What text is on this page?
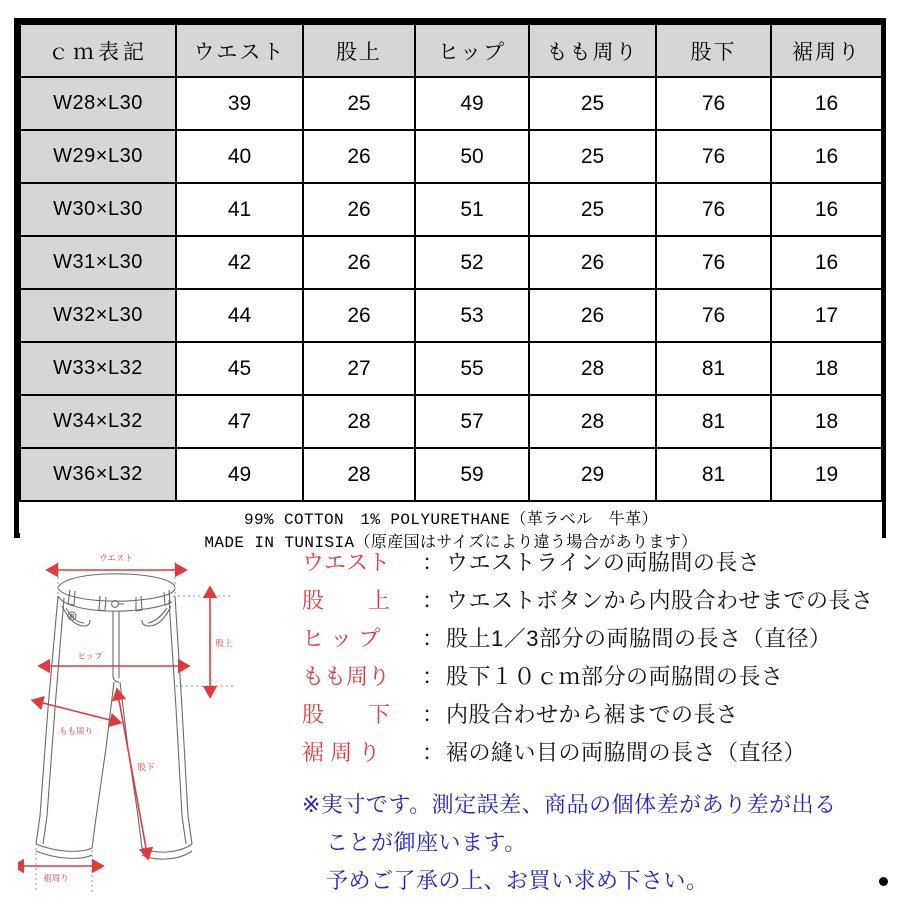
ｃｍ表記	ウエスト	股上	ヒップ	もも周り	股下	裾周り
W28×L30	39	25	49	25	76	16
W29×L30	40	26	50	25	76	16
W30×L30	41	26	51	25	76	16
W31×L30	42	26	52	26	76	16
W32×L30	44	26	53	26	76	17
W33×L32	45	27	55	28	81	18
W34×L32	47	28	57	28	81	18
W36×L32	49	28	59	29	81	19

99% COTTON　1% POLYURETHANE（革ラベル　牛革）
MADE IN TUNISIA（原産国はサイズにより違う場合があります）						
ウエスト
股上
ヒップ
もも周り
股下
裾周り
ウエスト	： ウエストラインの両脇間の長さ
股　　上	： ウエストボタンから内股合わせまでの長さ
ヒ ッ プ	： 股上1／3部分の両脇間の長さ（直径）
もも周り	： 股下１０ｃｍ部分の両脇間の長さ
股　　下	： 内股合わせから裾までの長さ
裾 周 り	： 裾の縫い目の両脇間の長さ（直径）
※実寸です。測定誤差、商品の個体差があり差が出る
ことが御座います。
予めご了承の上、お買い求め下さい。
